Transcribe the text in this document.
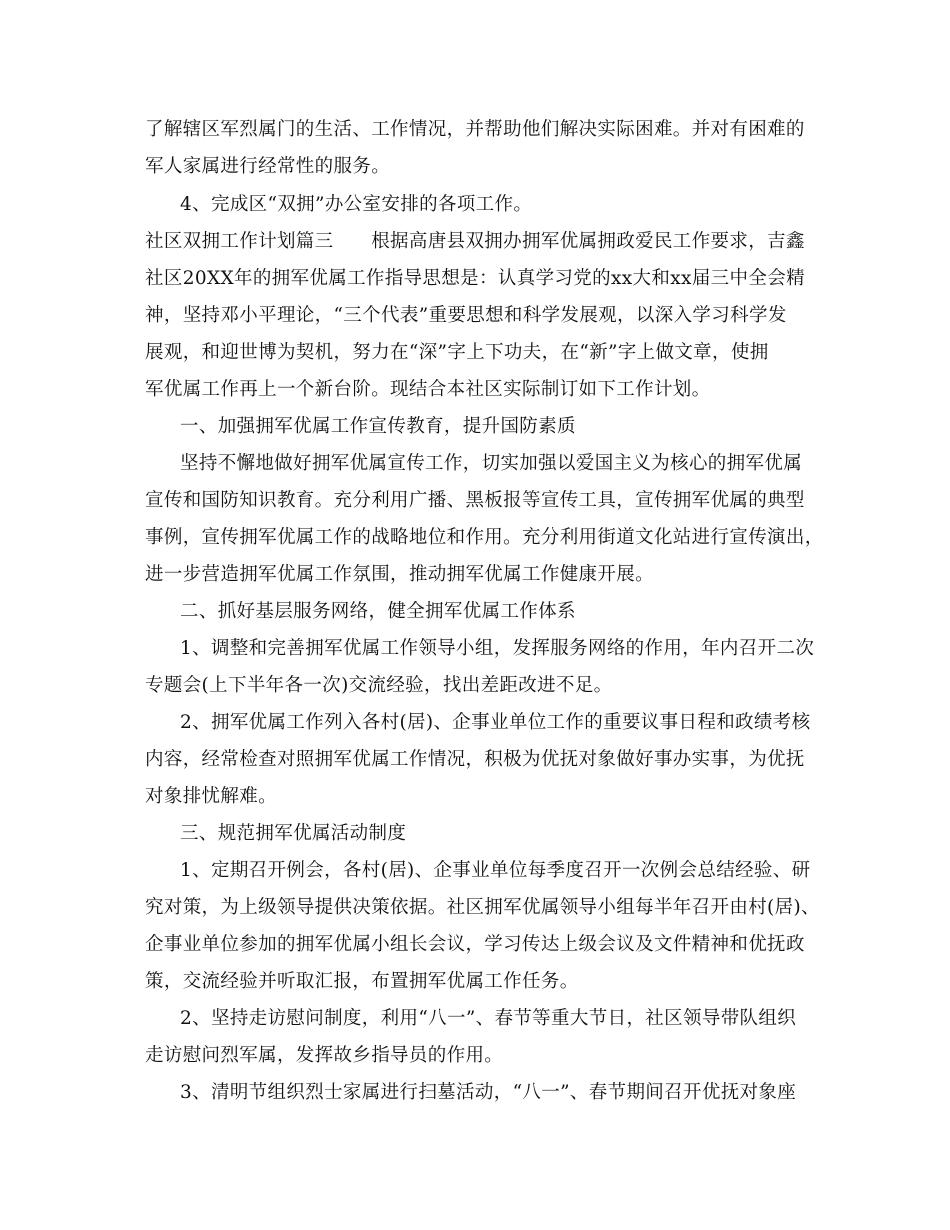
了解辖区军烈属门的生活、工作情况，并帮助他们解决实际困难。并对有困难的
军人家属进行经常性的服务。
4、完成区“双拥”办公室安排的各项工作。
社区双拥工作计划篇三　　根据高唐县双拥办拥军优属拥政爱民工作要求，吉鑫
社区20XX年的拥军优属工作指导思想是：认真学习党的xx大和xx届三中全会精
神，坚持邓小平理论，“三个代表”重要思想和科学发展观，以深入学习科学发
展观，和迎世博为契机，努力在“深”字上下功夫，在“新”字上做文章，使拥
军优属工作再上一个新台阶。现结合本社区实际制订如下工作计划。
一、加强拥军优属工作宣传教育，提升国防素质
坚持不懈地做好拥军优属宣传工作，切实加强以爱国主义为核心的拥军优属
宣传和国防知识教育。充分利用广播、黑板报等宣传工具，宣传拥军优属的典型
事例，宣传拥军优属工作的战略地位和作用。充分利用街道文化站进行宣传演出，
进一步营造拥军优属工作氛围，推动拥军优属工作健康开展。
二、抓好基层服务网络，健全拥军优属工作体系
1、调整和完善拥军优属工作领导小组，发挥服务网络的作用，年内召开二次
专题会(上下半年各一次)交流经验，找出差距改进不足。
2、拥军优属工作列入各村(居)、企事业单位工作的重要议事日程和政绩考核
内容，经常检查对照拥军优属工作情况，积极为优抚对象做好事办实事，为优抚
对象排忧解难。
三、规范拥军优属活动制度
1、定期召开例会，各村(居)、企事业单位每季度召开一次例会总结经验、研
究对策，为上级领导提供决策依据。社区拥军优属领导小组每半年召开由村(居)、
企事业单位参加的拥军优属小组长会议，学习传达上级会议及文件精神和优抚政
策，交流经验并听取汇报，布置拥军优属工作任务。
2、坚持走访慰问制度，利用“八一”、春节等重大节日，社区领导带队组织
走访慰问烈军属，发挥故乡指导员的作用。
3、清明节组织烈士家属进行扫墓活动，“八一”、春节期间召开优抚对象座
